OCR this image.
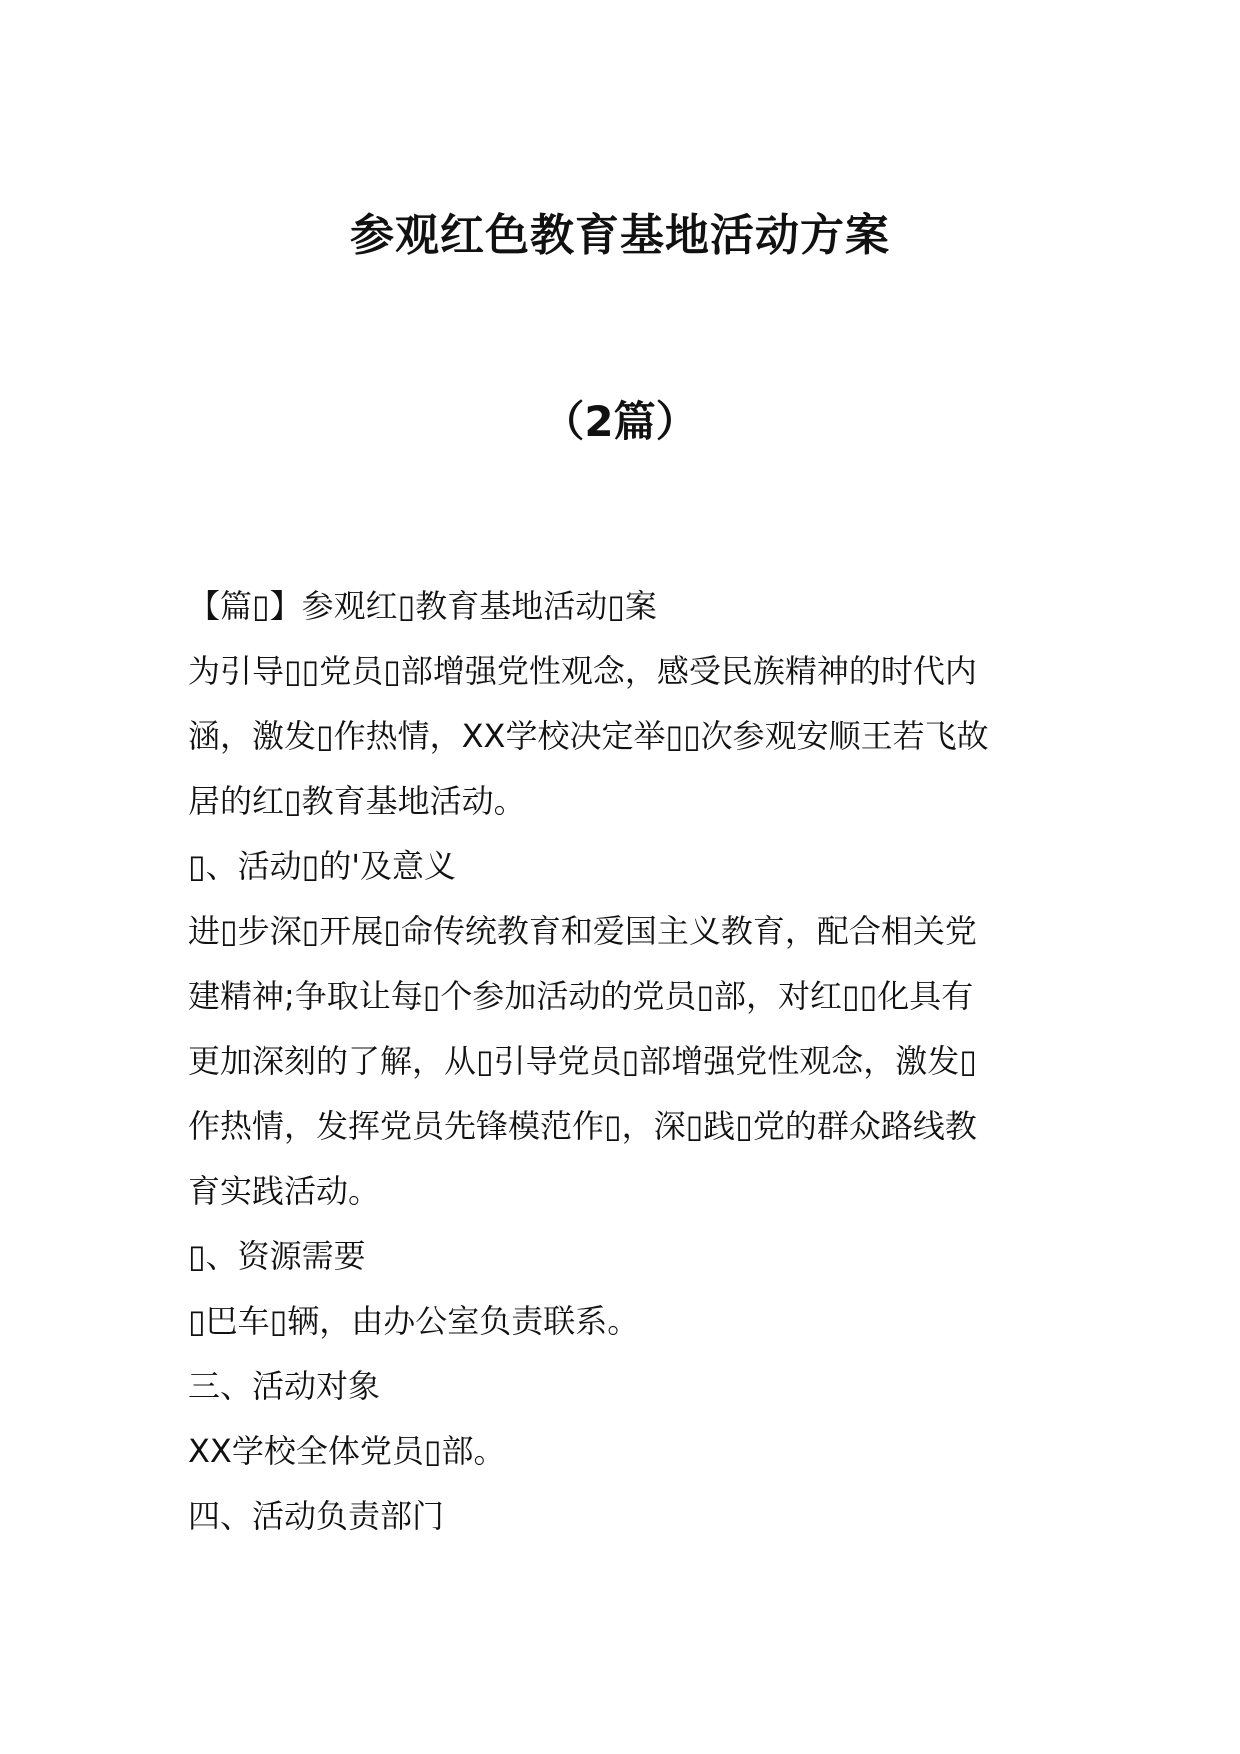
参观红色教育基地活动方案
（2篇）
【篇▯】参观红▯教育基地活动▯案
为引导▯▯党员▯部增强党性观念，感受民族精神的时代内
涵，激发▯作热情，XX学校决定举▯▯次参观安顺王若飞故
居的红▯教育基地活动。
▯、活动▯的'及意义
进▯步深▯开展▯命传统教育和爱国主义教育，配合相关党
建精神;争取让每▯个参加活动的党员▯部，对红▯▯化具有
更加深刻的了解，从▯引导党员▯部增强党性观念，激发▯
作热情，发挥党员先锋模范作▯，深▯践▯党的群众路线教
育实践活动。
▯、资源需要
▯巴车▯辆，由办公室负责联系。
三、活动对象
XX学校全体党员▯部。
四、活动负责部门
